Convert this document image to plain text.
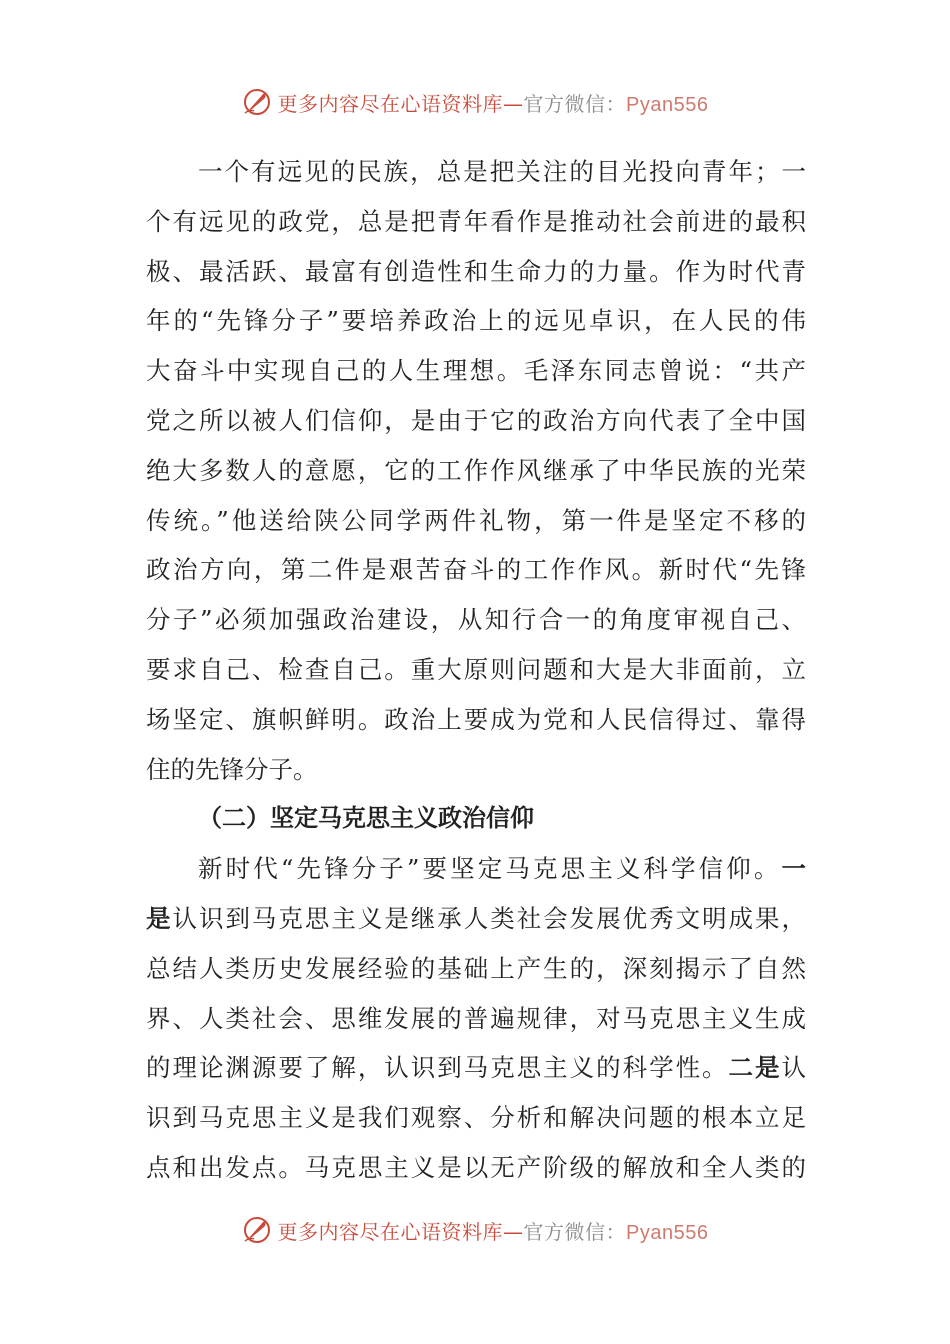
更多内容尽在心语资料库—官方微信：Pyan556
一个有远见的民族，总是把关注的目光投向青年；一
个有远见的政党，总是把青年看作是推动社会前进的最积
极、最活跃、最富有创造性和生命力的力量。作为时代青
年的“先锋分子”要培养政治上的远见卓识，在人民的伟
大奋斗中实现自己的人生理想。毛泽东同志曾说：“共产
党之所以被人们信仰，是由于它的政治方向代表了全中国
绝大多数人的意愿，它的工作作风继承了中华民族的光荣
传统。”他送给陕公同学两件礼物，第一件是坚定不移的
政治方向，第二件是艰苦奋斗的工作作风。新时代“先锋
分子”必须加强政治建设，从知行合一的角度审视自己、
要求自己、检查自己。重大原则问题和大是大非面前，立
场坚定、旗帜鲜明。政治上要成为党和人民信得过、靠得
住的先锋分子。
（二）坚定马克思主义政治信仰
新时代“先锋分子”要坚定马克思主义科学信仰。一
是认识到马克思主义是继承人类社会发展优秀文明成果，
总结人类历史发展经验的基础上产生的，深刻揭示了自然
界、人类社会、思维发展的普遍规律，对马克思主义生成
的理论渊源要了解，认识到马克思主义的科学性。二是认
识到马克思主义是我们观察、分析和解决问题的根本立足
点和出发点。马克思主义是以无产阶级的解放和全人类的
更多内容尽在心语资料库—官方微信：Pyan556
